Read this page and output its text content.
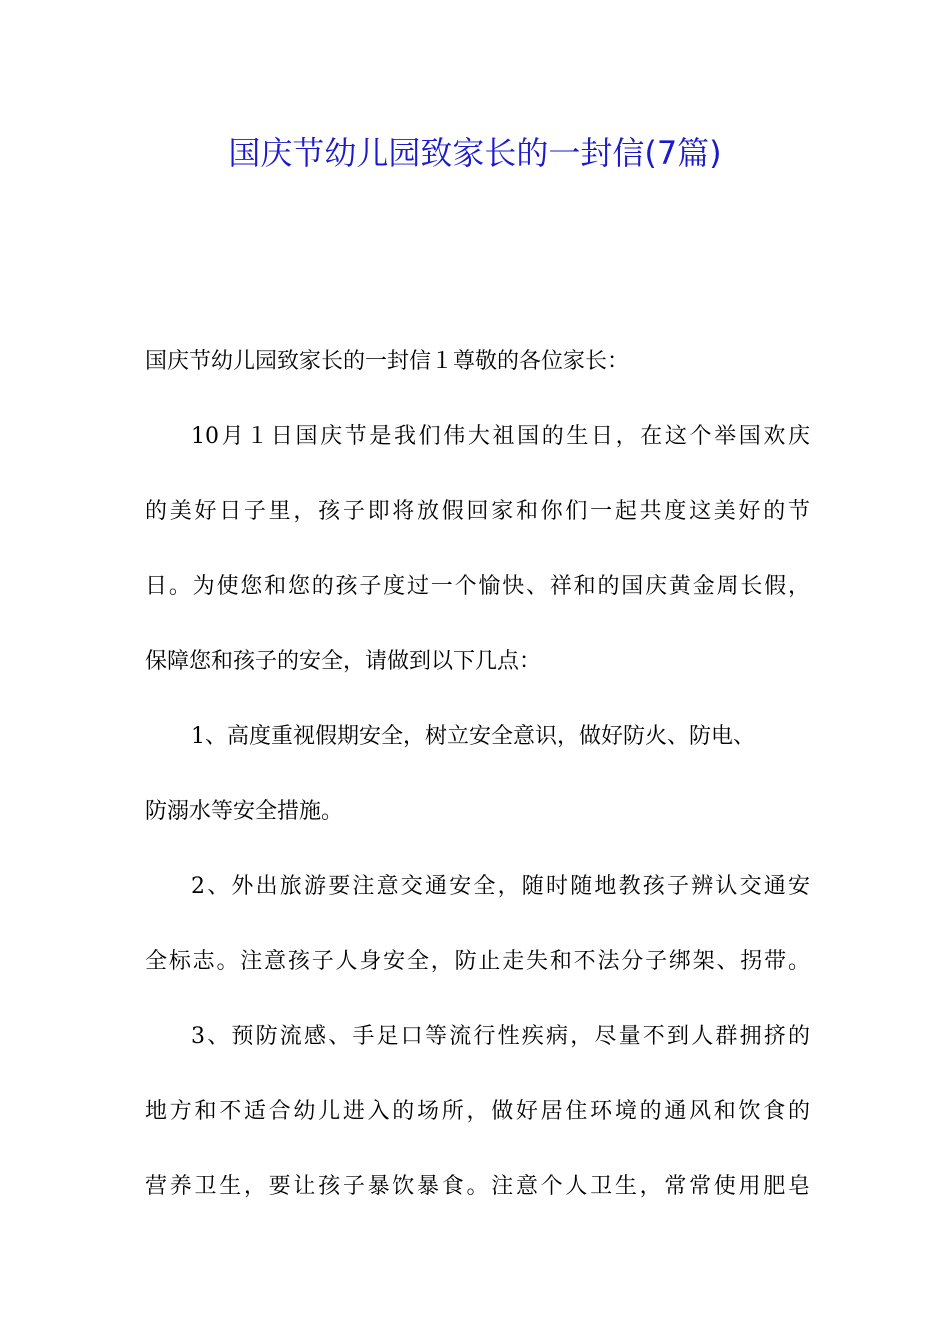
国庆节幼儿园致家长的一封信(7篇)
国庆节幼儿园致家长的一封信１尊敬的各位家长：
10月１日国庆节是我们伟大祖国的生日，在这个举国欢庆
的美好日子里，孩子即将放假回家和你们一起共度这美好的节
日。为使您和您的孩子度过一个愉快、祥和的国庆黄金周长假，
保障您和孩子的安全，请做到以下几点：
1、高度重视假期安全，树立安全意识，做好防火、防电、
防溺水等安全措施。
2、外出旅游要注意交通安全，随时随地教孩子辨认交通安
全标志。注意孩子人身安全，防止走失和不法分子绑架、拐带。
3、预防流感、手足口等流行性疾病，尽量不到人群拥挤的
地方和不适合幼儿进入的场所，做好居住环境的通风和饮食的
营养卫生，要让孩子暴饮暴食。注意个人卫生，常常使用肥皂
